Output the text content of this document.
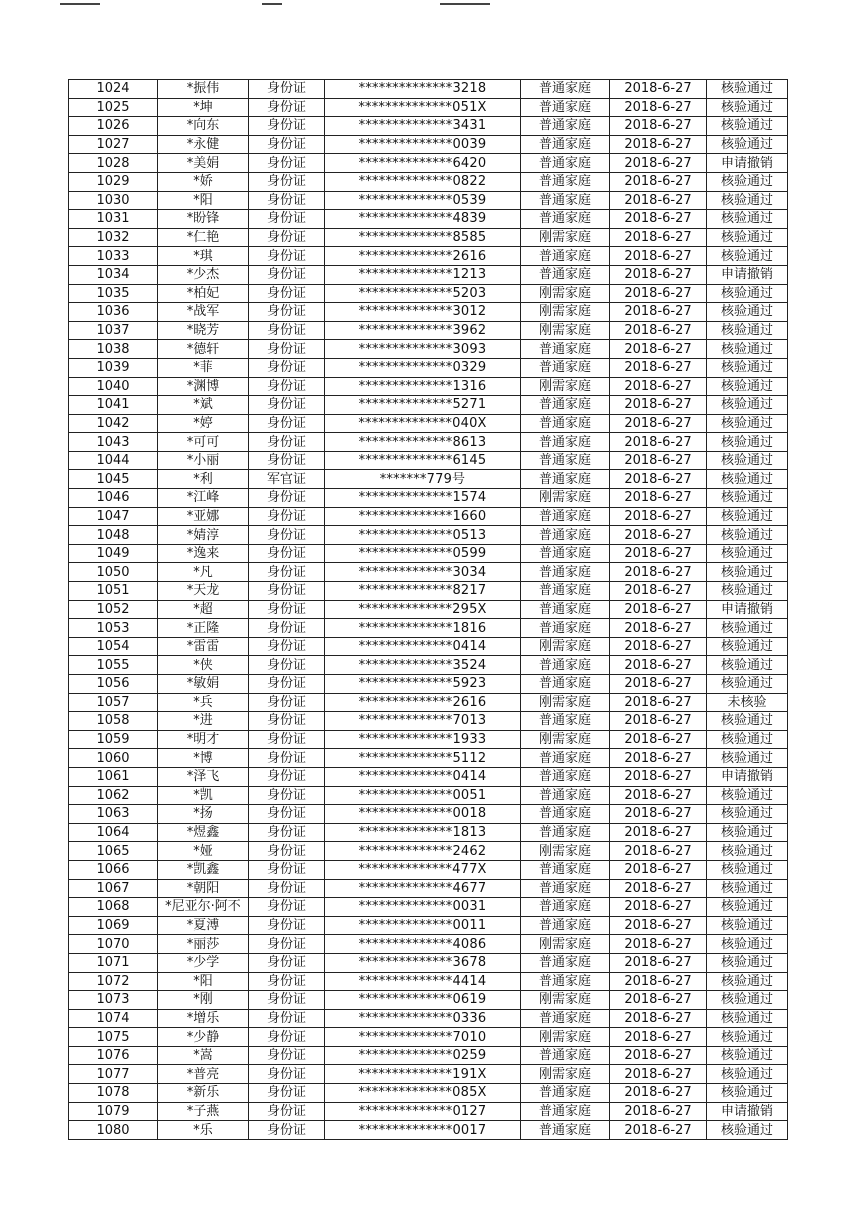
1024	*振伟	身份证	**************3218	普通家庭	2018-6-27	核验通过
1025	*坤	身份证	**************051X	普通家庭	2018-6-27	核验通过
1026	*向东	身份证	**************3431	普通家庭	2018-6-27	核验通过
1027	*永健	身份证	**************0039	普通家庭	2018-6-27	核验通过
1028	*美娟	身份证	**************6420	普通家庭	2018-6-27	申请撤销
1029	*娇	身份证	**************0822	普通家庭	2018-6-27	核验通过
1030	*阳	身份证	**************0539	普通家庭	2018-6-27	核验通过
1031	*盼锋	身份证	**************4839	普通家庭	2018-6-27	核验通过
1032	*仁艳	身份证	**************8585	刚需家庭	2018-6-27	核验通过
1033	*琪	身份证	**************2616	普通家庭	2018-6-27	核验通过
1034	*少杰	身份证	**************1213	普通家庭	2018-6-27	申请撤销
1035	*柏妃	身份证	**************5203	刚需家庭	2018-6-27	核验通过
1036	*战军	身份证	**************3012	刚需家庭	2018-6-27	核验通过
1037	*晓芳	身份证	**************3962	刚需家庭	2018-6-27	核验通过
1038	*德轩	身份证	**************3093	普通家庭	2018-6-27	核验通过
1039	*菲	身份证	**************0329	普通家庭	2018-6-27	核验通过
1040	*渊博	身份证	**************1316	刚需家庭	2018-6-27	核验通过
1041	*斌	身份证	**************5271	普通家庭	2018-6-27	核验通过
1042	*婷	身份证	**************040X	普通家庭	2018-6-27	核验通过
1043	*可可	身份证	**************8613	普通家庭	2018-6-27	核验通过
1044	*小丽	身份证	**************6145	普通家庭	2018-6-27	核验通过
1045	*利	军官证	*******779号	普通家庭	2018-6-27	核验通过
1046	*江峰	身份证	**************1574	刚需家庭	2018-6-27	核验通过
1047	*亚娜	身份证	**************1660	普通家庭	2018-6-27	核验通过
1048	*婧淳	身份证	**************0513	普通家庭	2018-6-27	核验通过
1049	*逸来	身份证	**************0599	普通家庭	2018-6-27	核验通过
1050	*凡	身份证	**************3034	普通家庭	2018-6-27	核验通过
1051	*天龙	身份证	**************8217	普通家庭	2018-6-27	核验通过
1052	*超	身份证	**************295X	普通家庭	2018-6-27	申请撤销
1053	*正隆	身份证	**************1816	普通家庭	2018-6-27	核验通过
1054	*雷雷	身份证	**************0414	刚需家庭	2018-6-27	核验通过
1055	*侠	身份证	**************3524	普通家庭	2018-6-27	核验通过
1056	*敏娟	身份证	**************5923	普通家庭	2018-6-27	核验通过
1057	*兵	身份证	**************2616	刚需家庭	2018-6-27	未核验
1058	*进	身份证	**************7013	普通家庭	2018-6-27	核验通过
1059	*明才	身份证	**************1933	刚需家庭	2018-6-27	核验通过
1060	*博	身份证	**************5112	普通家庭	2018-6-27	核验通过
1061	*泽飞	身份证	**************0414	普通家庭	2018-6-27	申请撤销
1062	*凯	身份证	**************0051	普通家庭	2018-6-27	核验通过
1063	*扬	身份证	**************0018	普通家庭	2018-6-27	核验通过
1064	*煜鑫	身份证	**************1813	普通家庭	2018-6-27	核验通过
1065	*娅	身份证	**************2462	刚需家庭	2018-6-27	核验通过
1066	*凯鑫	身份证	**************477X	普通家庭	2018-6-27	核验通过
1067	*朝阳	身份证	**************4677	普通家庭	2018-6-27	核验通过
1068	*尼亚尔·阿不	身份证	**************0031	普通家庭	2018-6-27	核验通过
1069	*夏溥	身份证	**************0011	普通家庭	2018-6-27	核验通过
1070	*丽莎	身份证	**************4086	刚需家庭	2018-6-27	核验通过
1071	*少学	身份证	**************3678	普通家庭	2018-6-27	核验通过
1072	*阳	身份证	**************4414	普通家庭	2018-6-27	核验通过
1073	*刚	身份证	**************0619	刚需家庭	2018-6-27	核验通过
1074	*增乐	身份证	**************0336	普通家庭	2018-6-27	核验通过
1075	*少静	身份证	**************7010	刚需家庭	2018-6-27	核验通过
1076	*嵩	身份证	**************0259	普通家庭	2018-6-27	核验通过
1077	*普亮	身份证	**************191X	刚需家庭	2018-6-27	核验通过
1078	*新乐	身份证	**************085X	普通家庭	2018-6-27	核验通过
1079	*子燕	身份证	**************0127	普通家庭	2018-6-27	申请撤销
1080	*乐	身份证	**************0017	普通家庭	2018-6-27	核验通过
